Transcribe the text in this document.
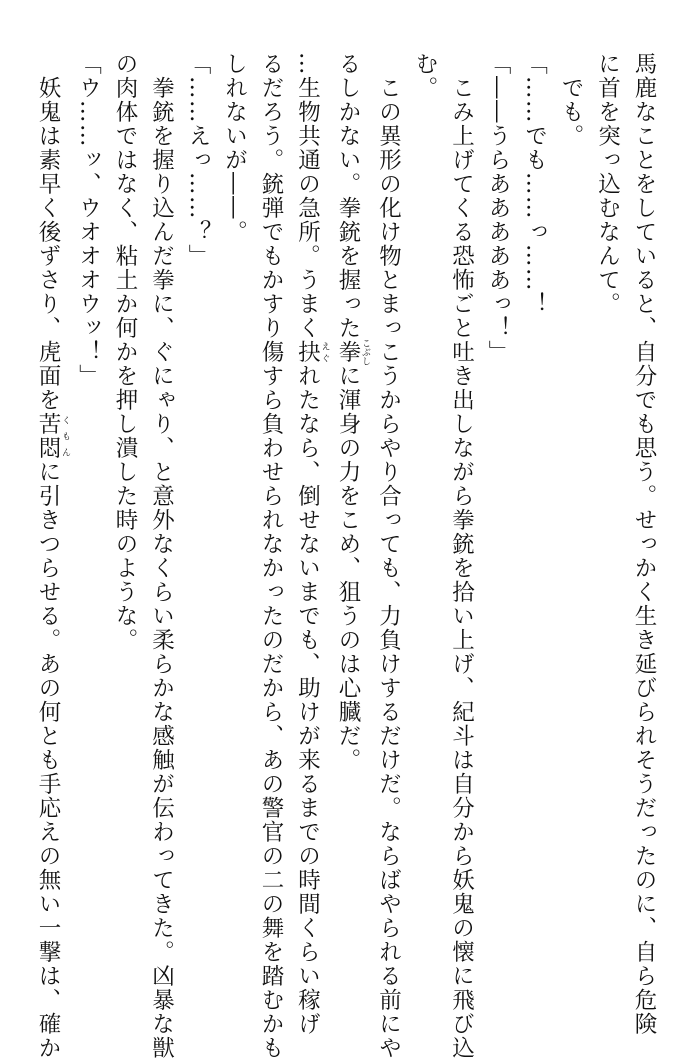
馬鹿なことをしていると、自分でも思う。せっかく生き延びられそうだったのに、自ら危険
に首を突っ込むなんて。
　でも。
「……でも……っ……！
「――うらあああああっ！」
　こみ上げてくる恐怖ごと吐き出しながら拳銃を拾い上げ、紀斗は自分から妖鬼の懐に飛び込
む。
　この異形の化け物とまっこうからやり合っても、力負けするだけだ。ならばやられる前にや
るしかない。拳銃を握った拳 こぶしに渾身の力をこめ、狙うのは心臓だ。
…生物共通の急所。うまく抉 えぐれたなら、倒せないまでも、助けが来るまでの時間くらい稼げ
るだろう。銃弾でもかすり傷すら負わせられなかったのだから、あの警官の二の舞を踏むかも
しれないが――。
「……えっ……？」
　拳銃を握り込んだ拳に、ぐにゃり、と意外なくらい柔らかな感触が伝わってきた。凶暴な獣
の肉体ではなく、粘土か何かを押し潰した時のような。
「ウ……ッ、ウオオオウッ！」
　妖鬼は素早く後ずさり、虎面を苦悶 くもんに引きつらせる。あの何とも手応えの無い一撃は、確か
